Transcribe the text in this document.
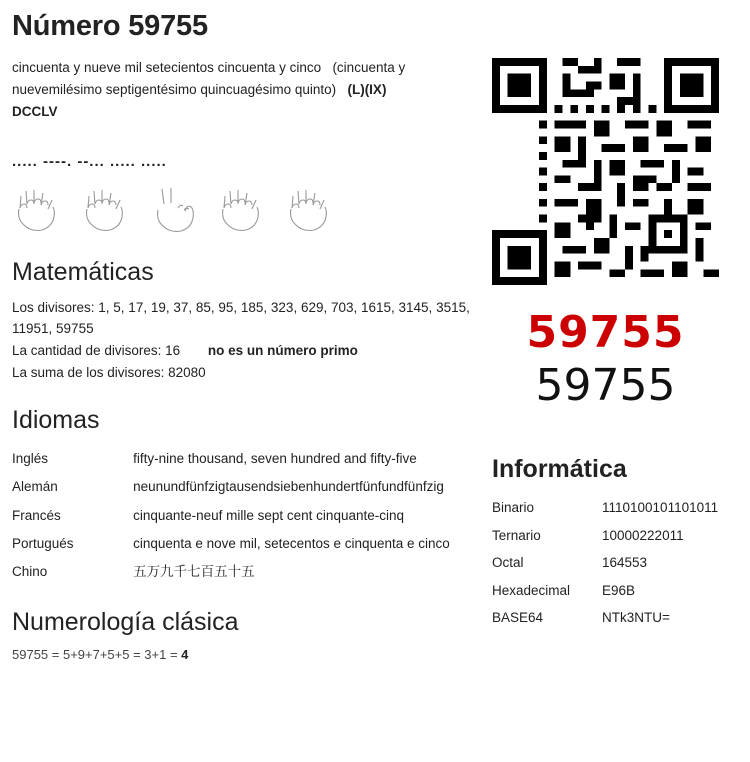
Número 59755
cincuenta y nueve mil setecientos cincuenta y cinco (cincuenta y nuevemilésimo septigentésimo quincuagésimo quinto) (L)(IX)
DCCLV
..... ----. --... ..... .....
Matemáticas
Los divisores: 1, 5, 17, 19, 37, 85, 95, 185, 323, 629, 703, 1615, 3145, 3515, 11951, 59755
La cantidad de divisores: 16 no es un número primo
La suma de los divisores: 82080
Idiomas
Inglés	fifty-nine thousand, seven hundred and fifty-five
Alemán	neunundfünfzigtausendsiebenhundertfünfundfünfzig
Francés	cinquante-neuf mille sept cent cinquante-cinq
Portugués	cinquenta e nove mil, setecentos e cinquenta e cinco
Chino	五万九千七百五十五
Numerología clásica
59755 = 5+9+7+5+5 = 3+1 = 4
59755
59755
Informática
Binario	1110100101101011
Ternario	10000222011
Octal	164553
Hexadecimal	E96B
BASE64	NTk3NTU=
